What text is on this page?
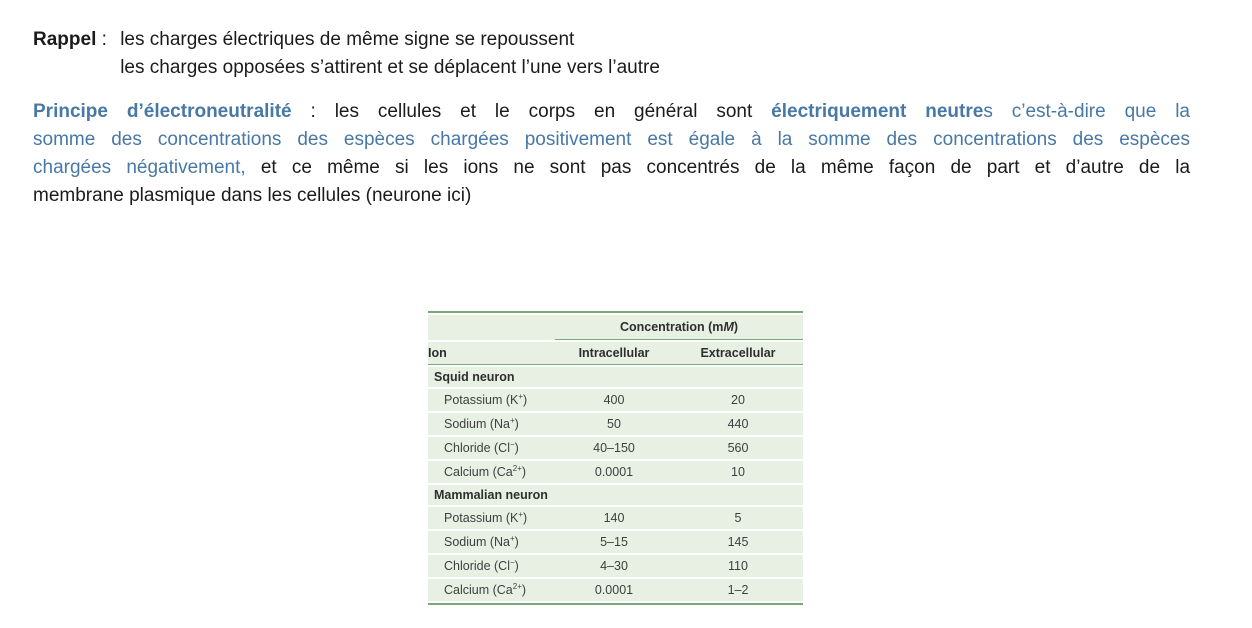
Rappel : les charges électriques de même signe se repoussent
les charges opposées s’attirent et se déplacent l’une vers l’autre
Principe d’électroneutralité : les cellules et le corps en général sont électriquement neutres c’est-à-dire que la
somme des concentrations des espèces chargées positivement est égale à la somme des concentrations des espèces
chargées négativement, et ce même si les ions ne sont pas concentrés de la même façon de part et d’autre de la
membrane plasmique dans les cellules (neurone ici)
	Concentration (mM)	
Ion	Intracellular	Extracellular
Squid neuron		
Potassium (K+)	400	20
Sodium (Na+)	50	440
Chloride (Cl−)	40–150	560
Calcium $(Ca^{2+})$	0.0001	10
Mammalian neuron		
Potassium (K+)	140	5
Sodium (Na+)	5–15	145
Chloride (Cl−)	4–30	110
Calcium $(Ca^{2+})$	0.0001	1–2
